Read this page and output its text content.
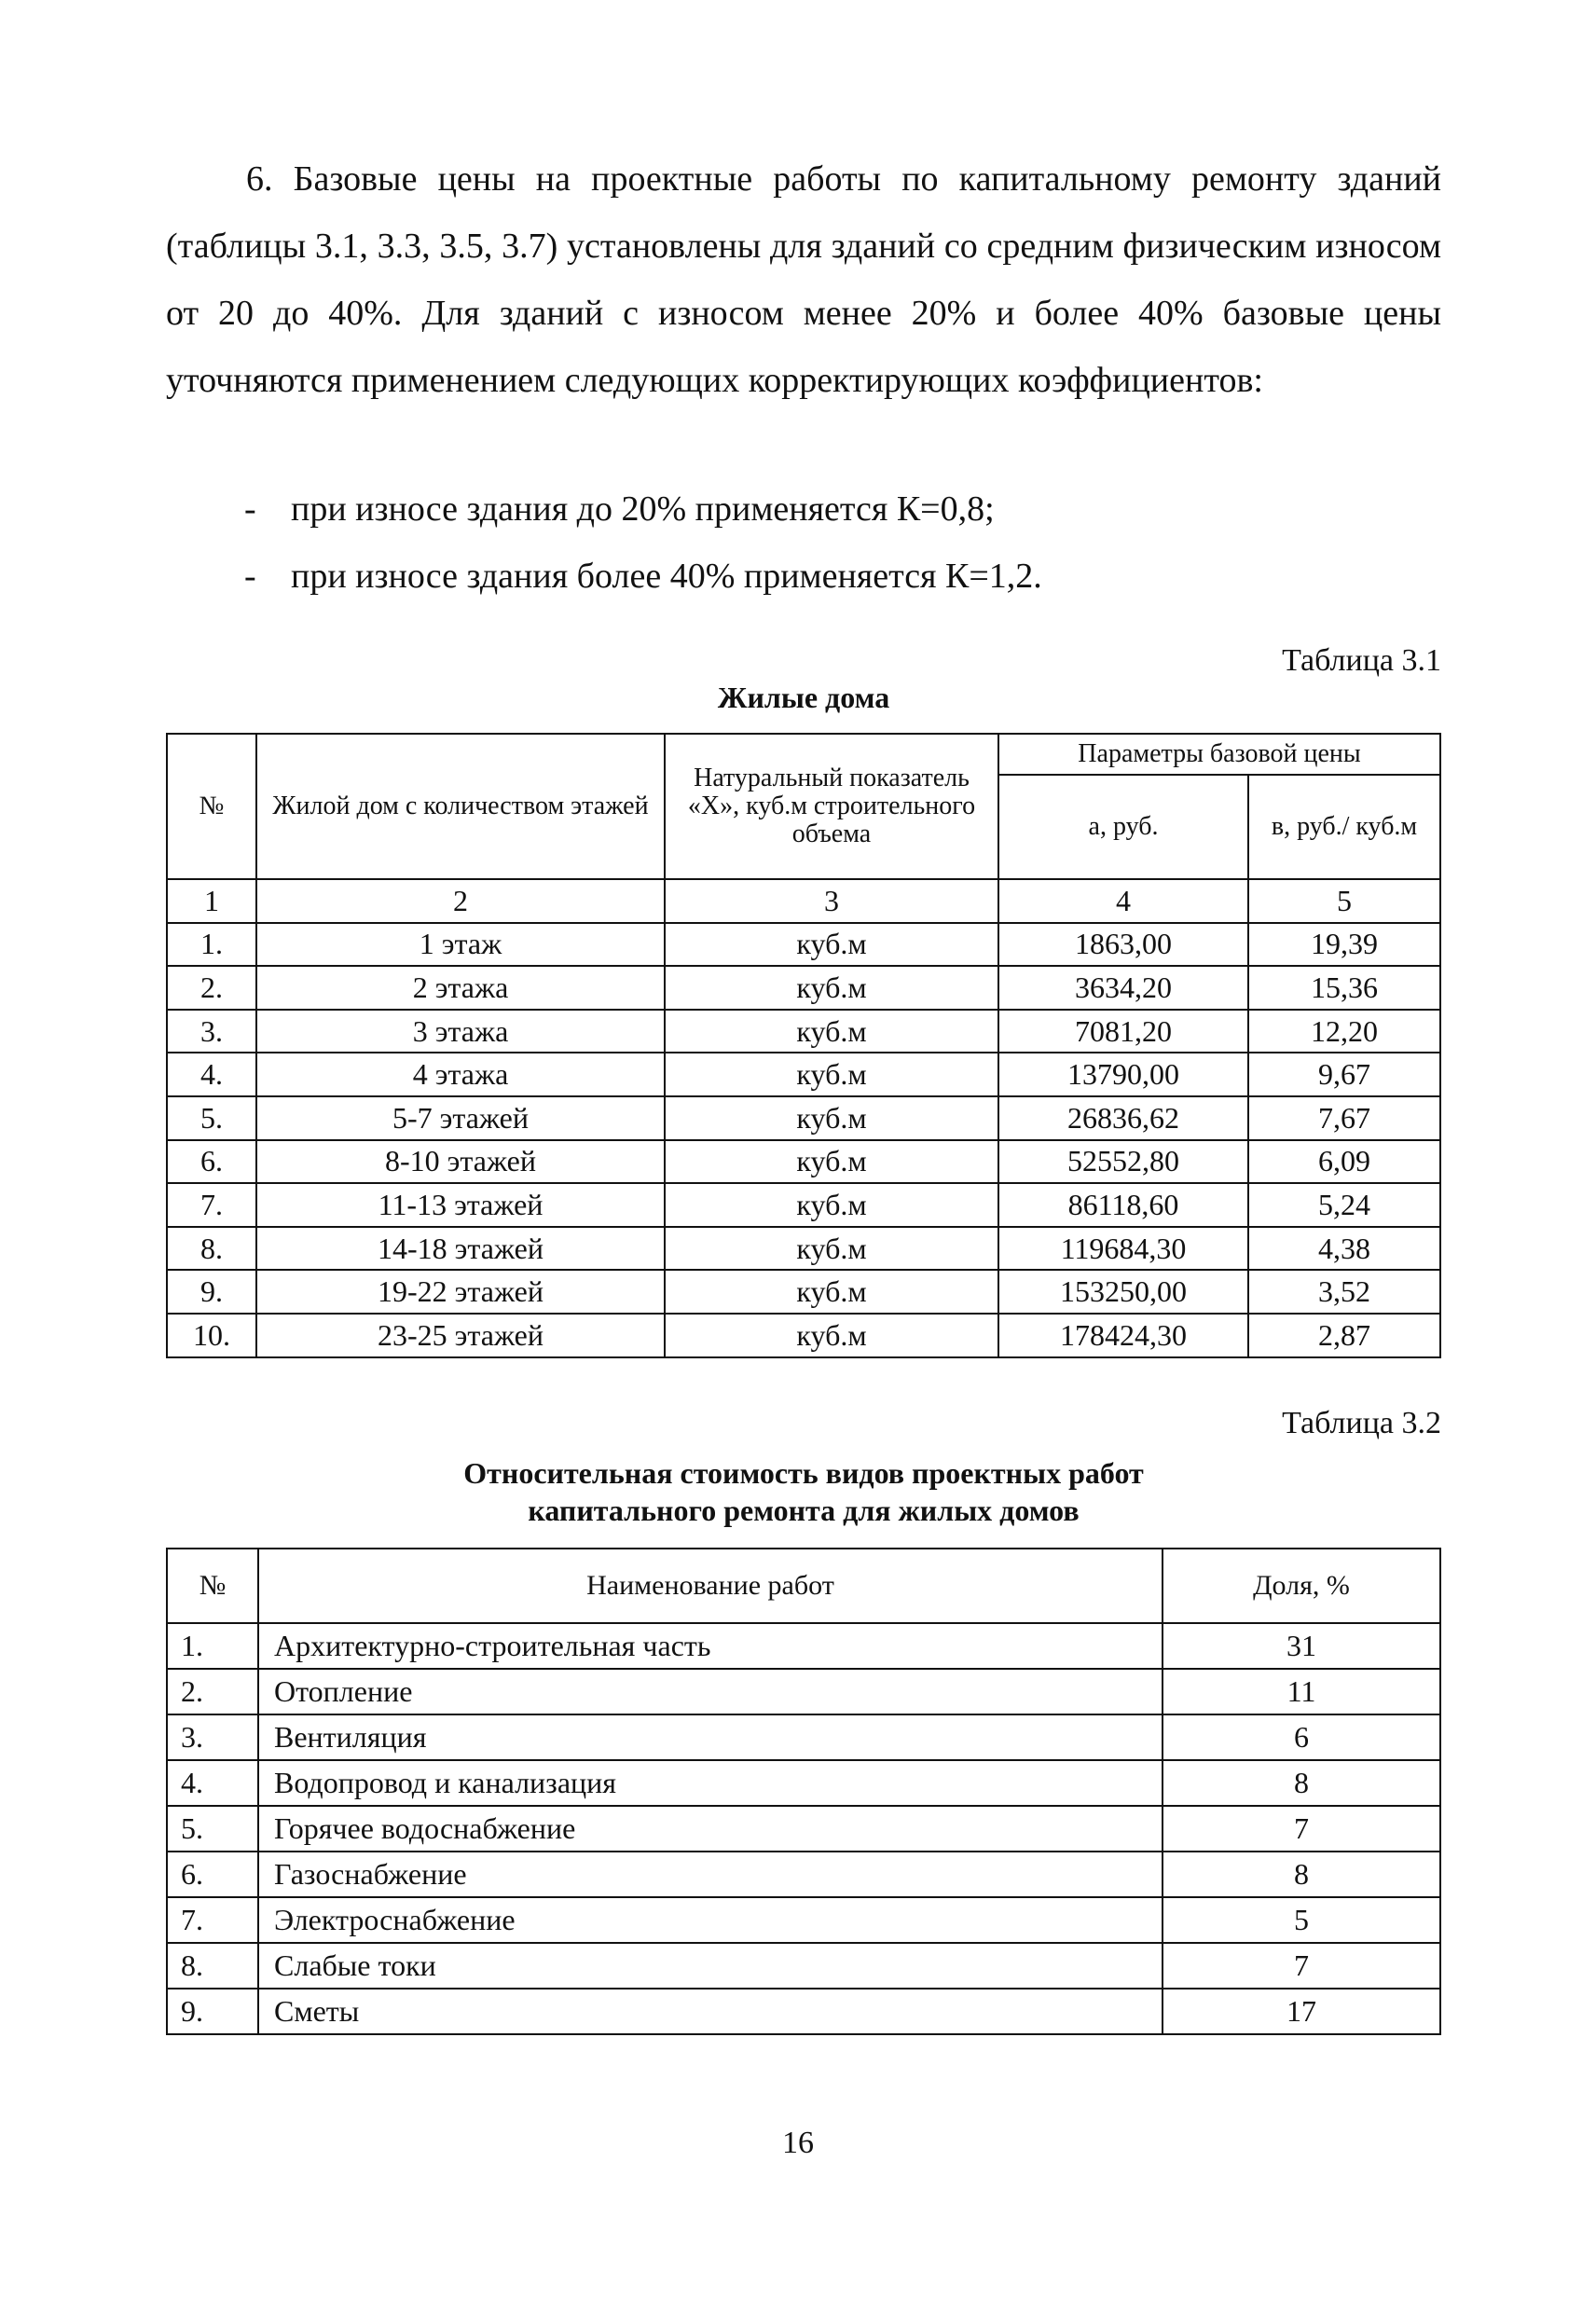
6. Базовые цены на проектные работы по капитальному ремонту зданий (таблицы 3.1, 3.3, 3.5, 3.7) установлены для зданий со средним физическим износом от 20 до 40%. Для зданий с износом менее 20% и более 40% базовые цены уточняются применением следующих корректирующих коэффициентов:

- при износе здания до 20% применяется К=0,8;
- при износе здания более 40% применяется К=1,2.
Таблица 3.1
Жилые дома
№	Жилой дом с количеством этажей	Натуральный показатель «Х», куб.м строительного объема	Параметры базовой цены	
			а, руб.	в, руб./ куб.м
1	2	3	4	5
1.	1 этаж	куб.м	1863,00	19,39
2.	2 этажа	куб.м	3634,20	15,36
3.	3 этажа	куб.м	7081,20	12,20
4.	4 этажа	куб.м	13790,00	9,67
5.	5-7 этажей	куб.м	26836,62	7,67
6.	8-10 этажей	куб.м	52552,80	6,09
7.	11-13 этажей	куб.м	86118,60	5,24
8.	14-18 этажей	куб.м	119684,30	4,38
9.	19-22 этажей	куб.м	153250,00	3,52
10.	23-25 этажей	куб.м	178424,30	2,87
Таблица 3.2
Относительная стоимость видов проектных работ
капитального ремонта для жилых домов
№	Наименование работ	Доля, %
1.	Архитектурно-строительная часть	31
2.	Отопление	11
3.	Вентиляция	6
4.	Водопровод и канализация	8
5.	Горячее водоснабжение	7
6.	Газоснабжение	8
7.	Электроснабжение	5
8.	Слабые токи	7
9.	Сметы	17
16
